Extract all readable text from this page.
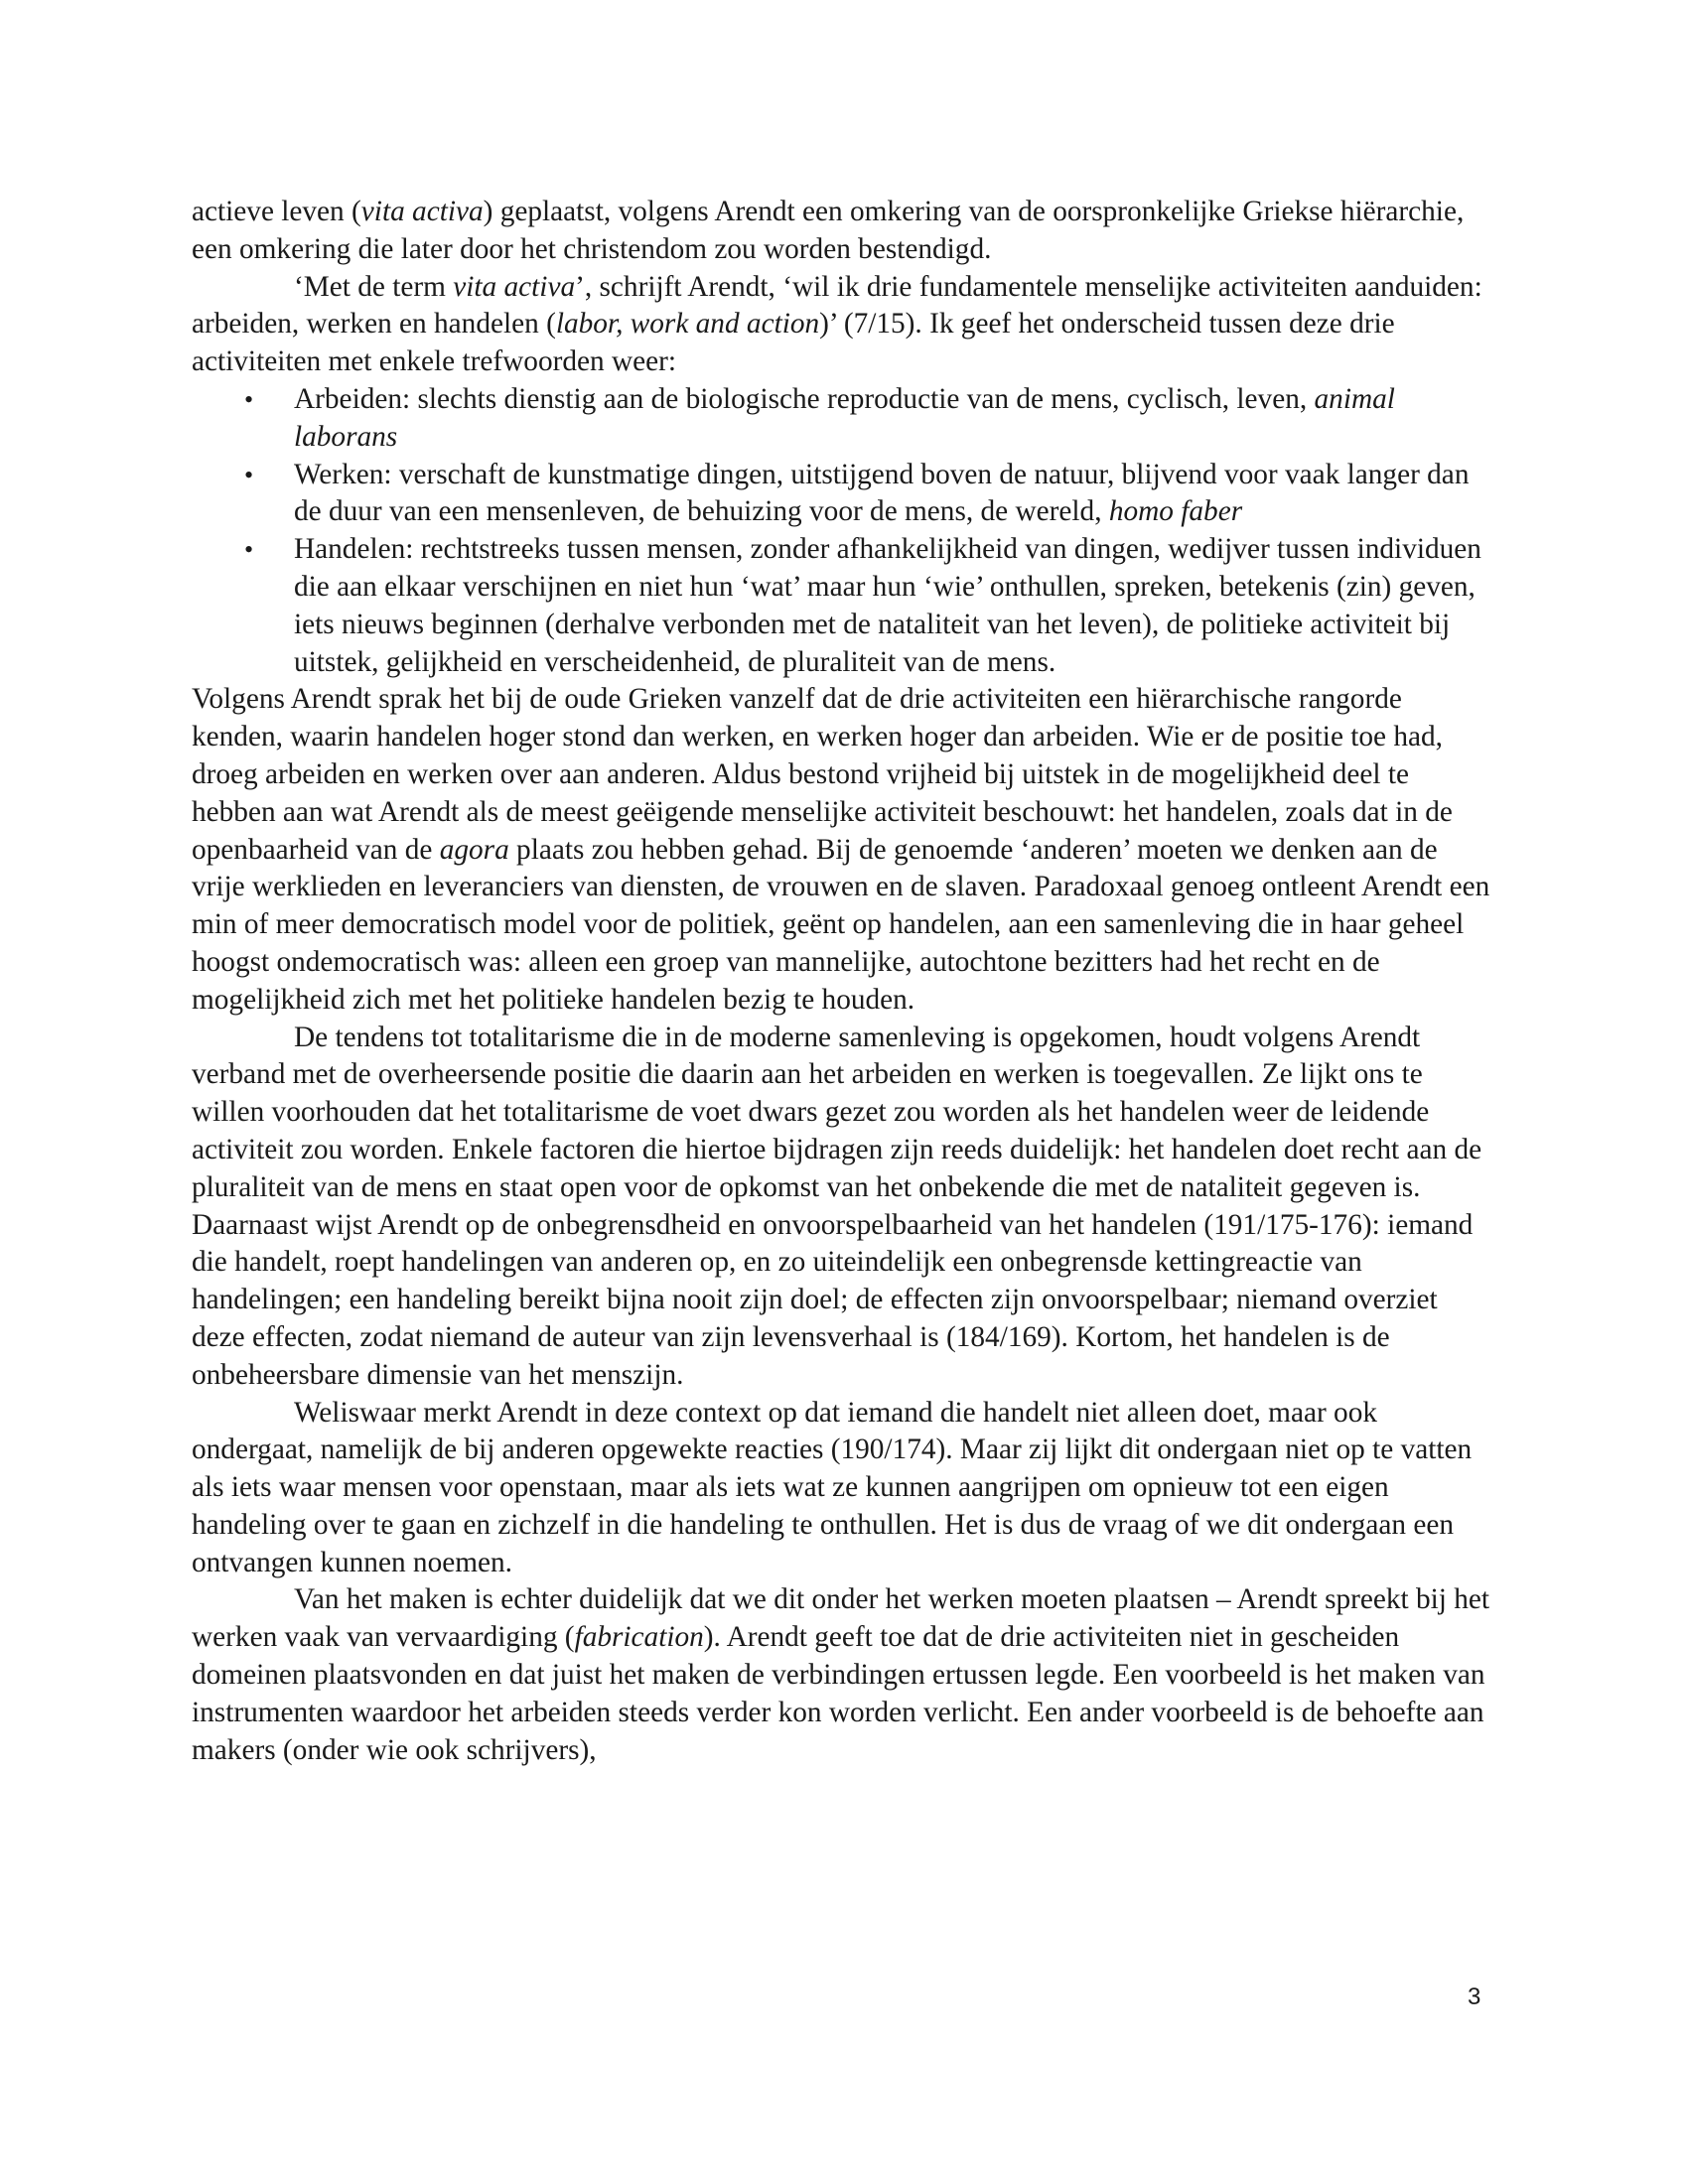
actieve leven (vita activa) geplaatst, volgens Arendt een omkering van de oorspronkelijke Griekse hiërarchie, een omkering die later door het christendom zou worden bestendigd.

‘Met de term vita activa’, schrijft Arendt, ‘wil ik drie fundamentele menselijke activiteiten aanduiden: arbeiden, werken en handelen (labor, work and action)’ (7/15). Ik geef het onderscheid tussen deze drie activiteiten met enkele trefwoorden weer:

• Arbeiden: slechts dienstig aan de biologische reproductie van de mens, cyclisch, leven, animal laborans
• Werken: verschaft de kunstmatige dingen, uitstijgend boven de natuur, blijvend voor vaak langer dan de duur van een mensenleven, de behuizing voor de mens, de wereld, homo faber
• Handelen: rechtstreeks tussen mensen, zonder afhankelijkheid van dingen, wedijver tussen individuen die aan elkaar verschijnen en niet hun ‘wat’ maar hun ‘wie’ onthullen, spreken, betekenis (zin) geven, iets nieuws beginnen (derhalve verbonden met de nataliteit van het leven), de politieke activiteit bij uitstek, gelijkheid en verscheidenheid, de pluraliteit van de mens.

Volgens Arendt sprak het bij de oude Grieken vanzelf dat de drie activiteiten een hiërarchische rangorde kenden, waarin handelen hoger stond dan werken, en werken hoger dan arbeiden. Wie er de positie toe had, droeg arbeiden en werken over aan anderen. Aldus bestond vrijheid bij uitstek in de mogelijkheid deel te hebben aan wat Arendt als de meest geëigende menselijke activiteit beschouwt: het handelen, zoals dat in de openbaarheid van de agora plaats zou hebben gehad. Bij de genoemde ‘anderen’ moeten we denken aan de vrije werklieden en leveranciers van diensten, de vrouwen en de slaven. Paradoxaal genoeg ontleent Arendt een min of meer democratisch model voor de politiek, geënt op handelen, aan een samenleving die in haar geheel hoogst ondemocratisch was: alleen een groep van mannelijke, autochtone bezitters had het recht en de mogelijkheid zich met het politieke handelen bezig te houden.

De tendens tot totalitarisme die in de moderne samenleving is opgekomen, houdt volgens Arendt verband met de overheersende positie die daarin aan het arbeiden en werken is toegevallen. Ze lijkt ons te willen voorhouden dat het totalitarisme de voet dwars gezet zou worden als het handelen weer de leidende activiteit zou worden. Enkele factoren die hiertoe bijdragen zijn reeds duidelijk: het handelen doet recht aan de pluraliteit van de mens en staat open voor de opkomst van het onbekende die met de nataliteit gegeven is. Daarnaast wijst Arendt op de onbegrensdheid en onvoorspelbaarheid van het handelen (191/175-176): iemand die handelt, roept handelingen van anderen op, en zo uiteindelijk een onbegrensde kettingreactie van handelingen; een handeling bereikt bijna nooit zijn doel; de effecten zijn onvoorspelbaar; niemand overziet deze effecten, zodat niemand de auteur van zijn levensverhaal is (184/169). Kortom, het handelen is de onbeheersbare dimensie van het menszijn.

Weliswaar merkt Arendt in deze context op dat iemand die handelt niet alleen doet, maar ook ondergaat, namelijk de bij anderen opgewekte reacties (190/174). Maar zij lijkt dit ondergaan niet op te vatten als iets waar mensen voor openstaan, maar als iets wat ze kunnen aangrijpen om opnieuw tot een eigen handeling over te gaan en zichzelf in die handeling te onthullen. Het is dus de vraag of we dit ondergaan een ontvangen kunnen noemen.

Van het maken is echter duidelijk dat we dit onder het werken moeten plaatsen – Arendt spreekt bij het werken vaak van vervaardiging (fabrication). Arendt geeft toe dat de drie activiteiten niet in gescheiden domeinen plaatsvonden en dat juist het maken de verbindingen ertussen legde. Een voorbeeld is het maken van instrumenten waardoor het arbeiden steeds verder kon worden verlicht. Een ander voorbeeld is de behoefte aan makers (onder wie ook schrijvers),

3
